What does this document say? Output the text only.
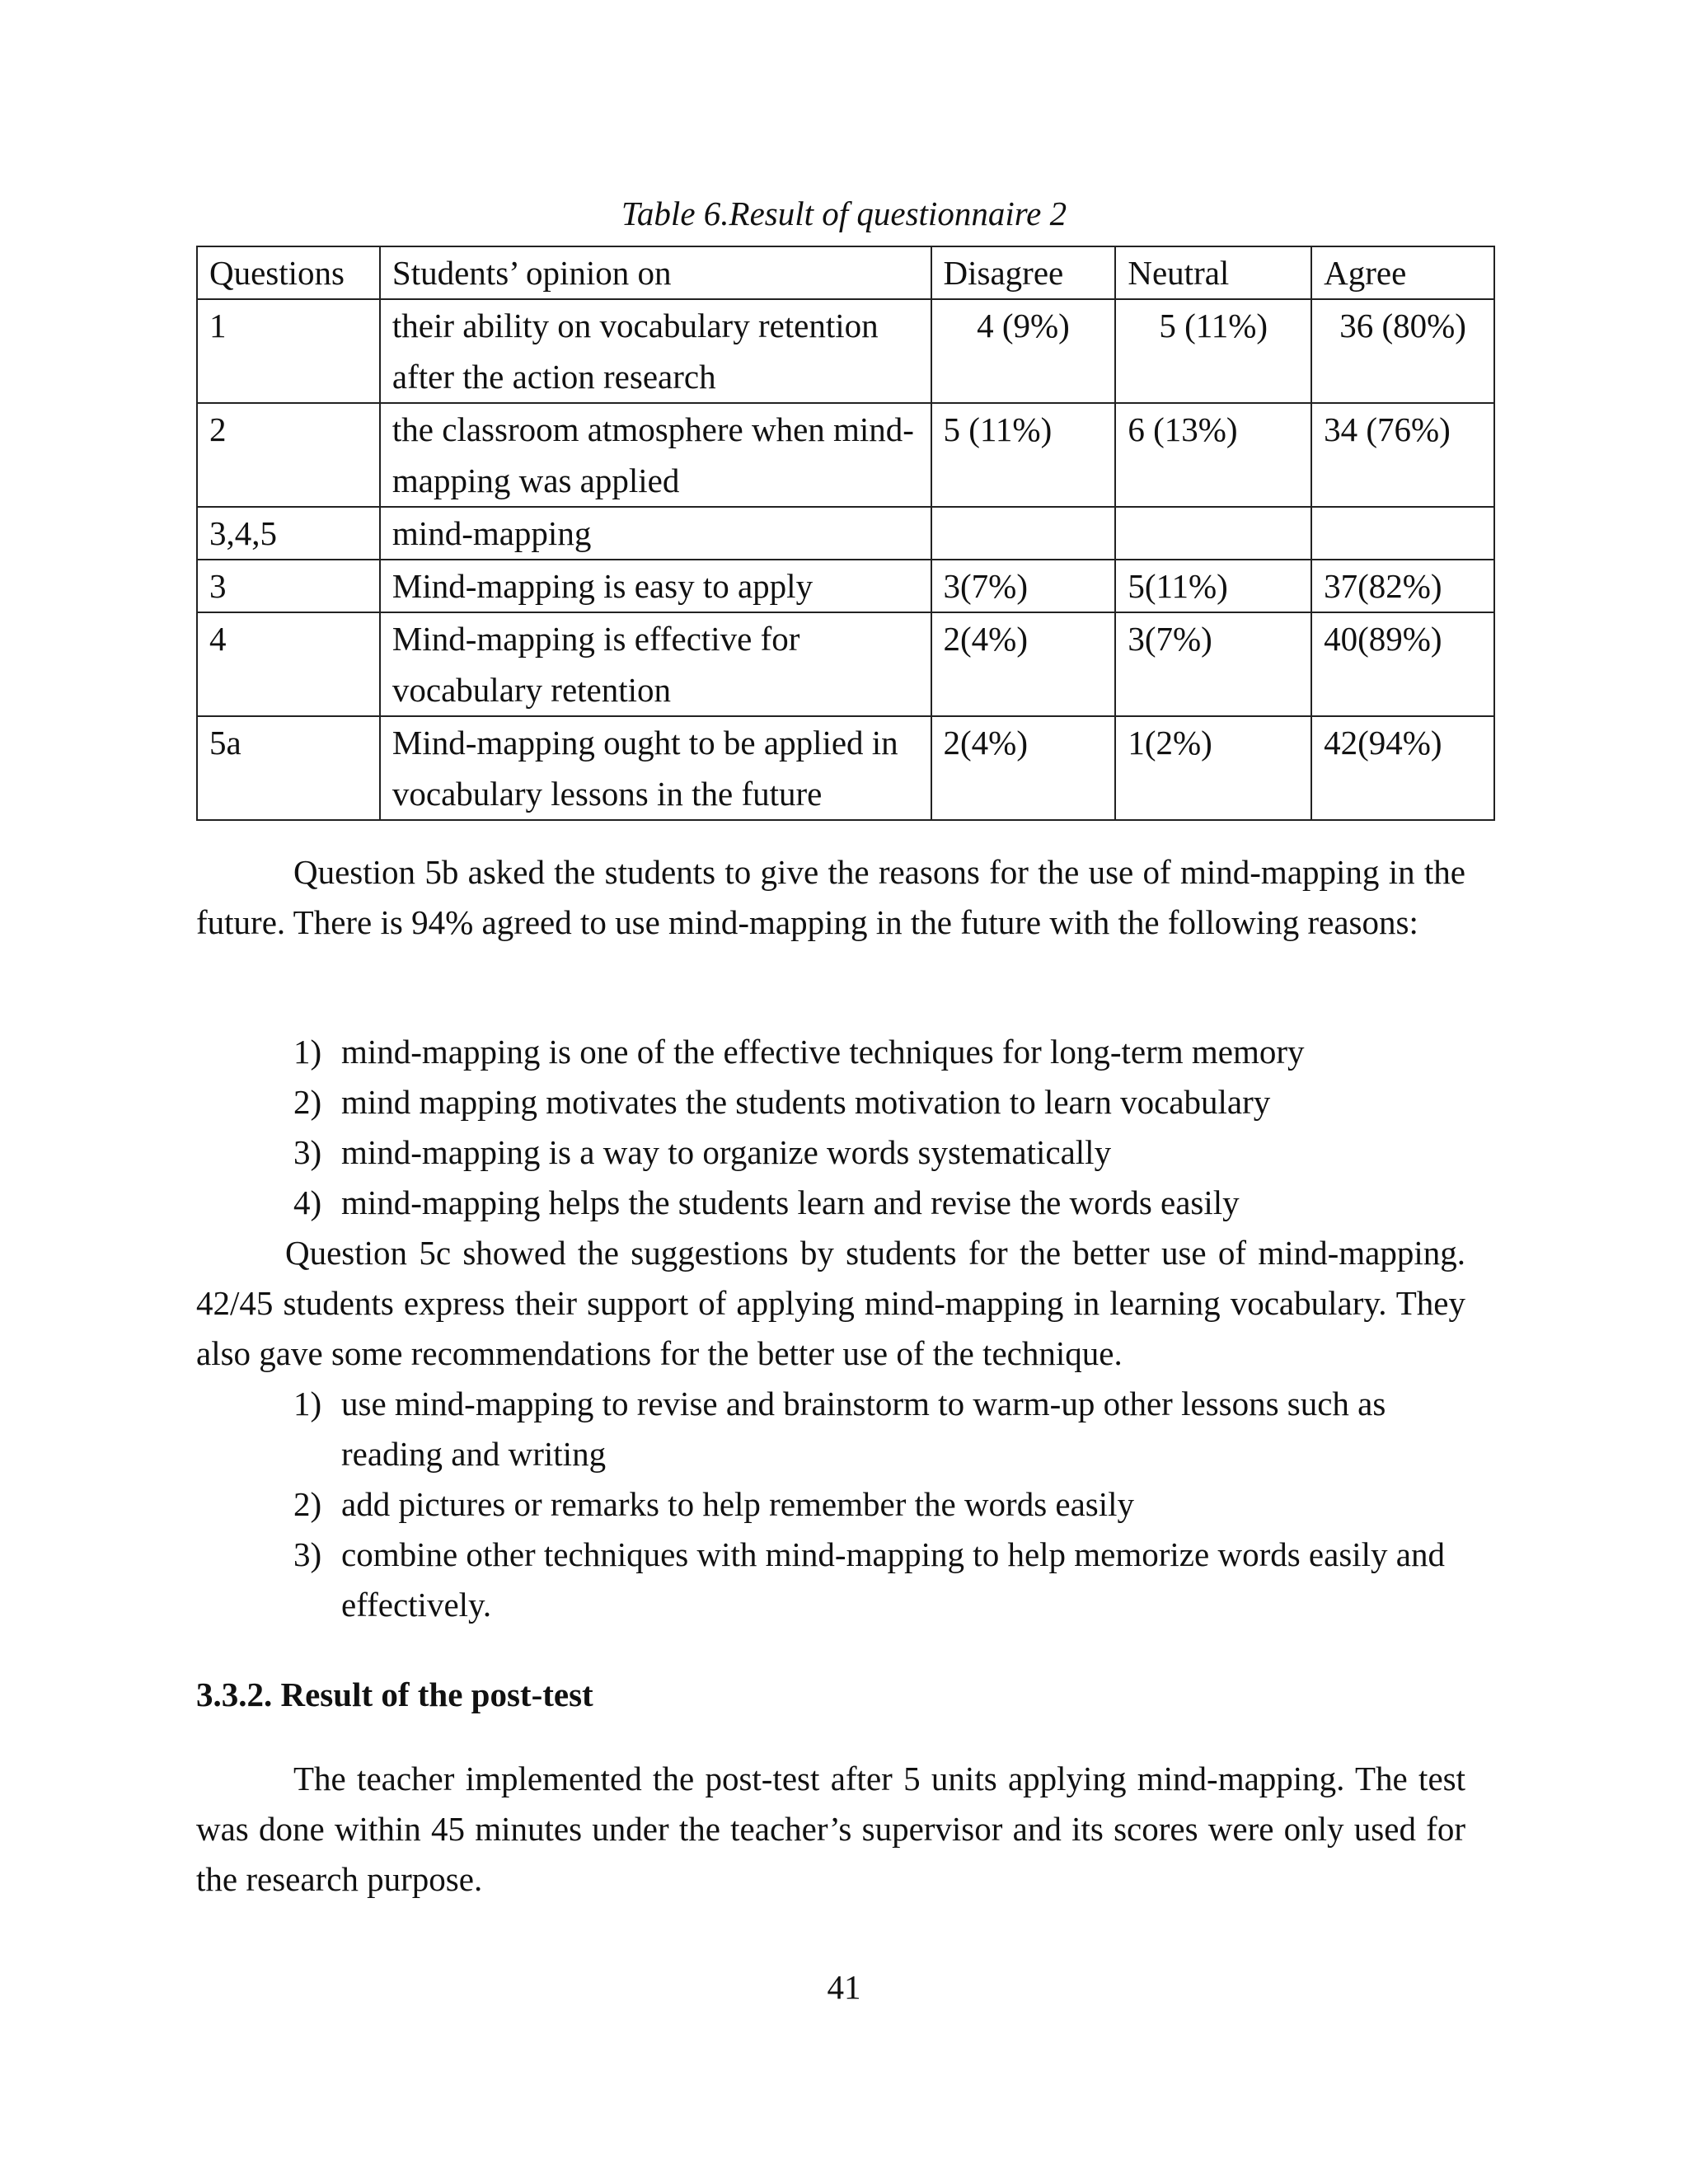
Table 6.Result of questionnaire 2
Questions	Students’ opinion on	Disagree	Neutral	Agree
1	their ability on vocabulary retention after the action research	4 (9%)	5 (11%)	36 (80%)
2	the classroom atmosphere when mind-mapping was applied	5 (11%)	6 (13%)	34 (76%)
3,4,5	mind-mapping			
3	Mind-mapping is easy to apply	3(7%)	5(11%)	37(82%)
4	Mind-mapping is effective for vocabulary retention	2(4%)	3(7%)	40(89%)
5a	Mind-mapping ought to be applied in vocabulary lessons in the future	2(4%)	1(2%)	42(94%)

Question 5b asked the students to give the reasons for the use of mind-mapping in the future. There is 94% agreed to use mind-mapping in the future with the following reasons:

1) mind-mapping is one of the effective techniques for long-term memory
2) mind mapping motivates the students motivation to learn vocabulary
3) mind-mapping is a way to organize words systematically
4) mind-mapping helps the students learn and revise the words easily

Question 5c showed the suggestions by students for the better use of mind-mapping. 42/45 students express their support of applying mind-mapping in learning vocabulary. They also gave some recommendations for the better use of the technique.

1) use mind-mapping to revise and brainstorm to warm-up other lessons such as reading and writing
2) add pictures or remarks to help remember the words easily
3) combine other techniques with mind-mapping to help memorize words easily and effectively.
3.3.2. Result of the post-test

The teacher implemented the post-test after 5 units applying mind-mapping. The test was done within 45 minutes under the teacher’s supervisor and its scores were only used for the research purpose.

41
